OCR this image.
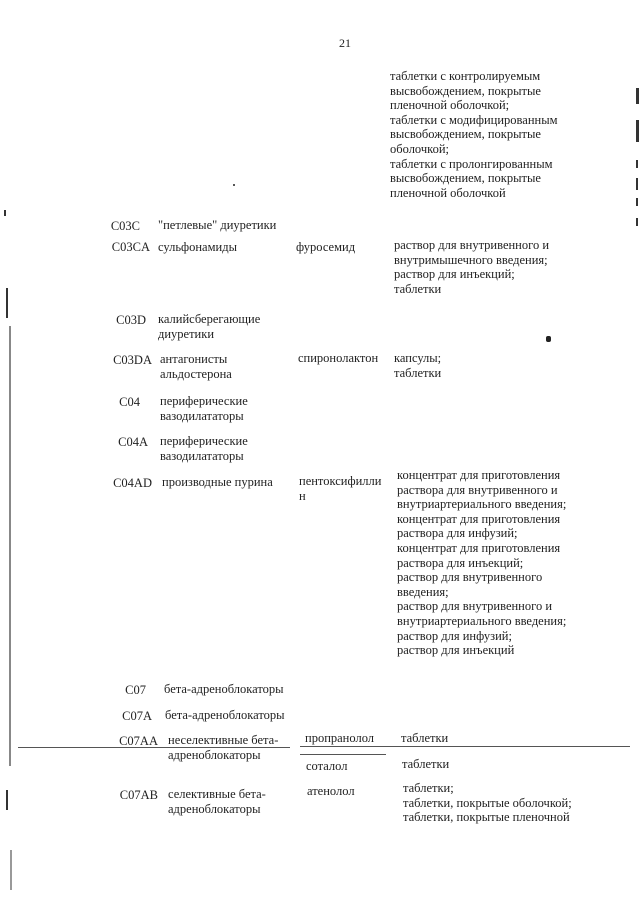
21
таблетки с контролируемым
высвобождением, покрытые
пленочной оболочкой;
таблетки с модифицированным
высвобождением, покрытые
оболочкой;
таблетки с пролонгированным
высвобождением, покрытые
пленочной оболочкой
C03C "петлевые" диуретики
C03CA сульфонамиды	фуросемид	раствор для внутривенного и
внутримышечного введения;
раствор для инъекций;
таблетки
C03D калийсберегающие
диуретики
C03DA антагонисты
альдостерона
спиронолактон капсулы;
таблетки
C04 периферические
вазодилататоры
C04A периферические
вазодилататоры
C04AD производные пурина пентоксифилли
н
концентрат для приготовления
раствора для внутривенного и
внутриартериального введения;
концентрат для приготовления
раствора для инфузий;
концентрат для приготовления
раствора для инъекций;
раствор для внутривенного
введения;
раствор для внутривенного и
внутриартериального введения;
раствор для инфузий;
раствор для инъекций
C07 бета-адреноблокаторы
C07A бета-адреноблокаторы
C07AA неселективные бета-
адреноблокаторы
пропранолол таблетки
соталол	таблетки
C07AB селективные бета-
адреноблокаторы
атенолол	таблетки;
таблетки, покрытые оболочкой;
таблетки, покрытые пленочной
